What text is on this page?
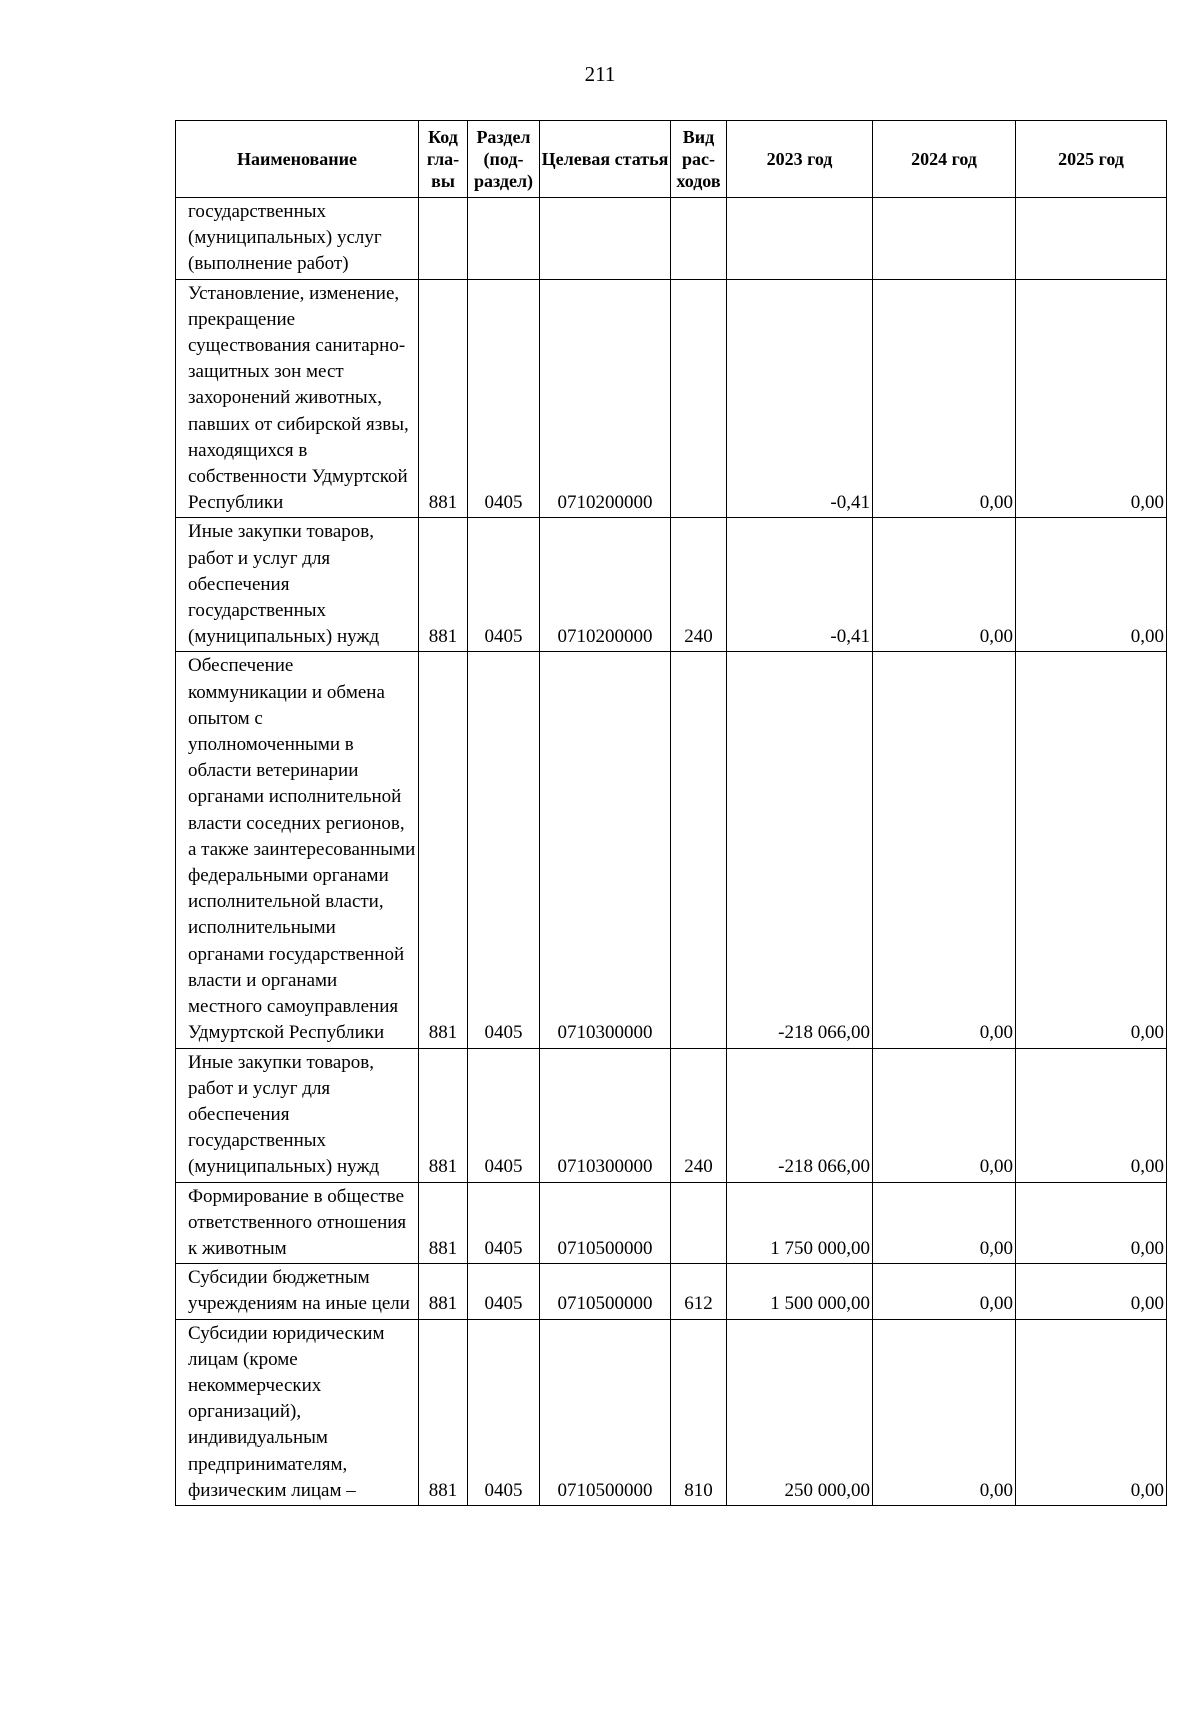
211
Наименование	Код гла-вы	Раздел (под-раздел)	Целевая статья	Вид рас-ходов	2023 год	2024 год	2025 год
государственных (муниципальных) услуг (выполнение работ)							
Установление, изменение, прекращение существования санитарно-защитных зон мест захоронений животных, павших от сибирской язвы, находящихся в собственности Удмуртской Республики	881	0405	0710200000		-0,41	0,00	0,00
Иные закупки товаров, работ и услуг для обеспечения государственных (муниципальных) нужд	881	0405	0710200000	240	-0,41	0,00	0,00
Обеспечение коммуникации и обмена опытом с уполномоченными в области ветеринарии органами исполнительной власти соседних регионов, а также заинтересованными федеральными органами исполнительной власти, исполнительными органами государственной власти и органами местного самоуправления Удмуртской Республики	881	0405	0710300000		-218 066,00	0,00	0,00
Иные закупки товаров, работ и услуг для обеспечения государственных (муниципальных) нужд	881	0405	0710300000	240	-218 066,00	0,00	0,00
Формирование в обществе ответственного отношения к животным	881	0405	0710500000		1 750 000,00	0,00	0,00
Субсидии бюджетным учреждениям на иные цели	881	0405	0710500000	612	1 500 000,00	0,00	0,00
Субсидии юридическим лицам (кроме некоммерческих организаций), индивидуальным предпринимателям, физическим лицам –	881	0405	0710500000	810	250 000,00	0,00	0,00
